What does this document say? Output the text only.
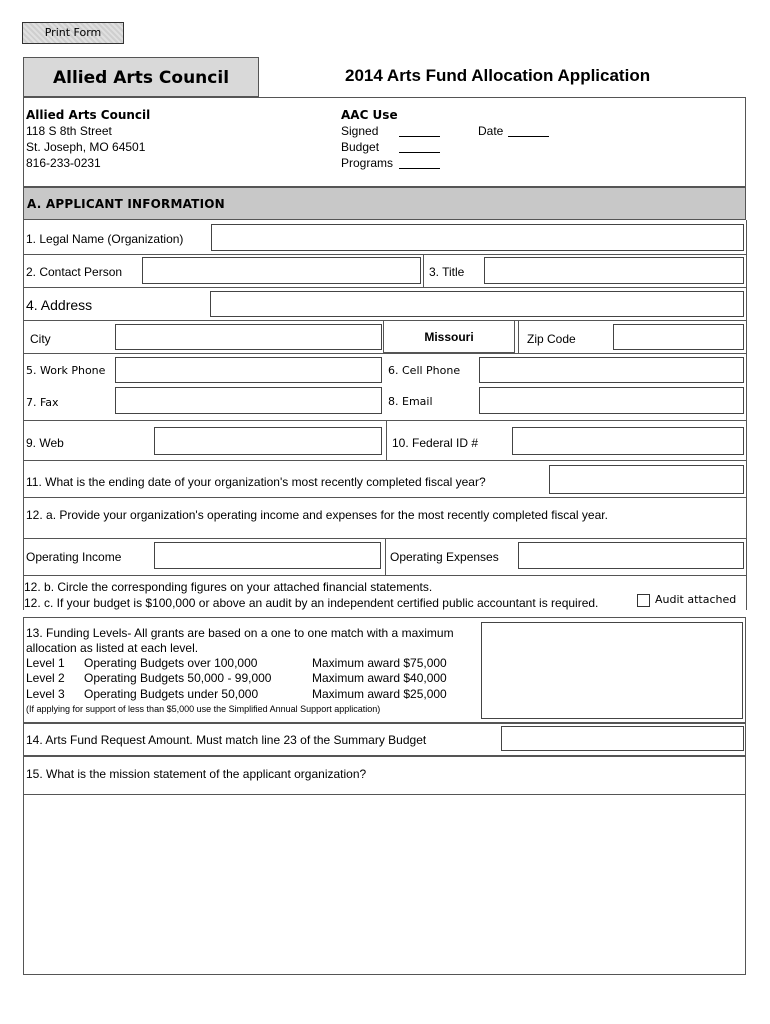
Print Form
Allied Arts Council	2014 Arts Fund Allocation Application
Allied Arts Council
118 S 8th Street
St. Joseph, MO 64501
816-233-0231
AAC Use
Signed
Budget
Programs
Date
A. APPLICANT INFORMATION
1. Legal Name (Organization)
2. Contact Person	3. Title
4. Address
City	Missouri	Zip Code
5. Work Phone	6. Cell Phone
7. Fax	8. Email
9. Web	10. Federal ID #
11. What is the ending date of your organization's most recently completed fiscal year?
12. a. Provide your organization's operating income and expenses for the most recently completed fiscal year.
Operating Income	Operating Expenses
12. b. Circle the corresponding figures on your attached financial statements.
12. c. If your budget is $100,000 or above an audit by an independent certified public accountant is required.	Audit attached
13. Funding Levels- All grants are based on a one to one match with a maximum
allocation as listed at each level.
Level 1 Operating Budgets over 100,000	Maximum award $75,000
Level 2 Operating Budgets 50,000 - 99,000	Maximum award $40,000
Level 3 Operating Budgets under 50,000	Maximum award $25,000
(If applying for support of less than $5,000 use the Simplified Annual Support application)
14. Arts Fund Request Amount. Must match line 23 of the Summary Budget
15. What is the mission statement of the applicant organization?
